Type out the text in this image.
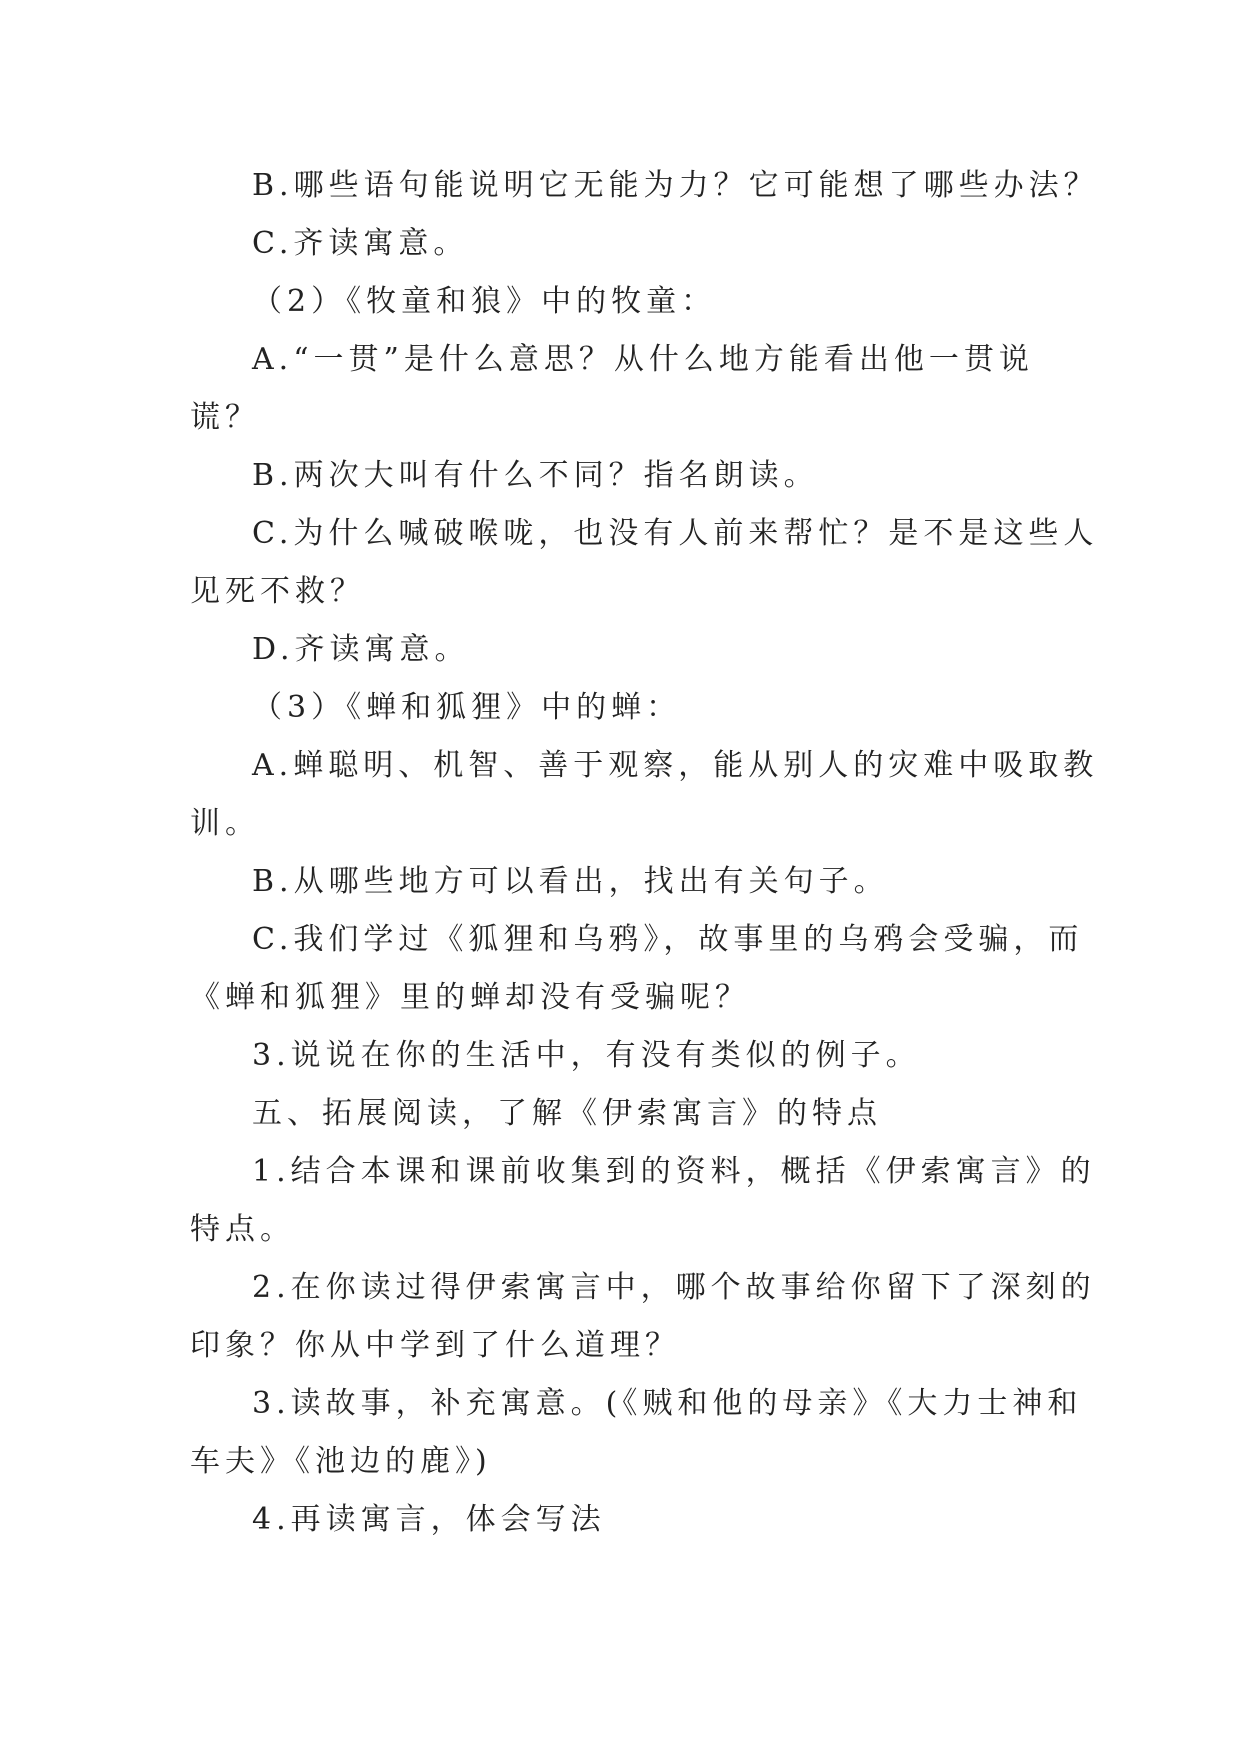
B.哪些语句能说明它无能为力？它可能想了哪些办法？
C.齐读寓意。
（2）《牧童和狼》中的牧童：
A.“一贯”是什么意思？从什么地方能看出他一贯说
谎？
B.两次大叫有什么不同？指名朗读。
C.为什么喊破喉咙，也没有人前来帮忙？是不是这些人
见死不救？
D.齐读寓意。
（3）《蝉和狐狸》中的蝉：
A.蝉聪明、机智、善于观察，能从别人的灾难中吸取教
训。
B.从哪些地方可以看出，找出有关句子。
C.我们学过《狐狸和乌鸦》，故事里的乌鸦会受骗，而
《蝉和狐狸》里的蝉却没有受骗呢？
3.说说在你的生活中，有没有类似的例子。
五、拓展阅读，了解《伊索寓言》的特点
1.结合本课和课前收集到的资料，概括《伊索寓言》的
特点。
2.在你读过得伊索寓言中，哪个故事给你留下了深刻的
印象？你从中学到了什么道理？
3.读故事，补充寓意。(《贼和他的母亲》《大力士神和
车夫》《池边的鹿》)
4.再读寓言，体会写法
